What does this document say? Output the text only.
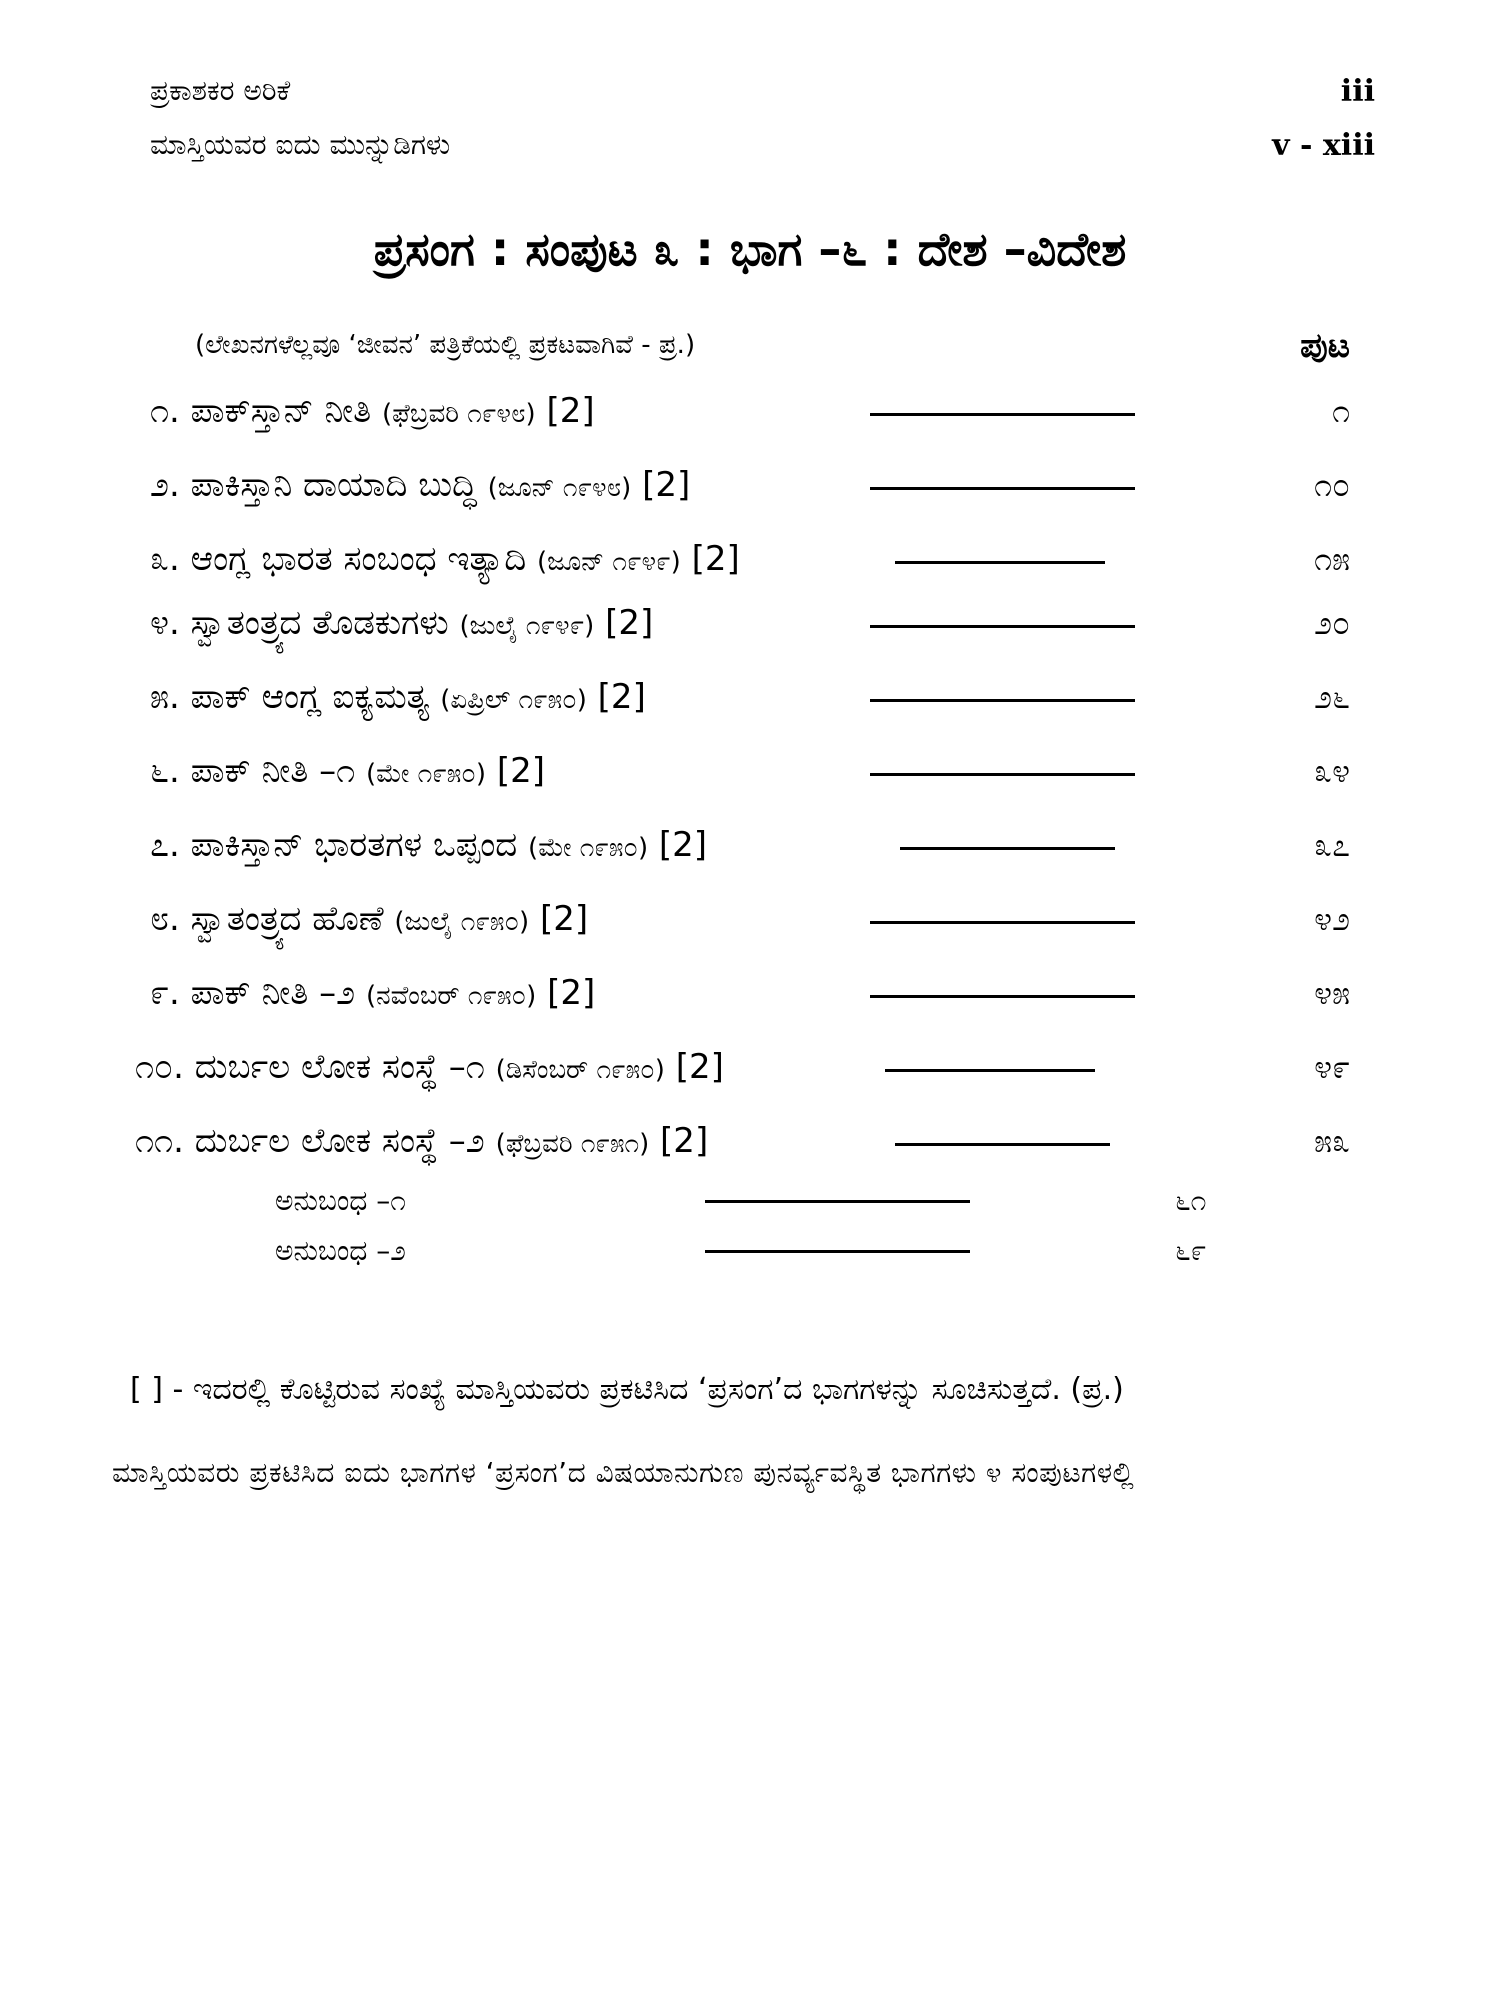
ಪ್ರಕಾಶಕರ ಅರಿಕೆ	iii
ಮಾಸ್ತಿಯವರ ಐದು ಮುನ್ನುಡಿಗಳು	v - xiii
ಪ್ರಸಂಗ : ಸಂಪುಟ ೩ : ಭಾಗ –೬ : ದೇಶ –ವಿದೇಶ
(ಲೇಖನಗಳೆಲ್ಲವೂ ‘ಜೀವನ’ ಪತ್ರಿಕೆಯಲ್ಲಿ ಪ್ರಕಟವಾಗಿವೆ - ಪ್ರ.)	ಪುಟ
೧. ಪಾಕ್‌ಸ್ತಾನ್ ನೀತಿ (ಫೆಬ್ರವರಿ ೧೯೪೮) [2]	೧
೨. ಪಾಕಿಸ್ತಾನಿ ದಾಯಾದಿ ಬುದ್ಧಿ (ಜೂನ್ ೧೯೪೮) [2]	೧೦
೩. ಆಂಗ್ಲ ಭಾರತ ಸಂಬಂಧ ಇತ್ಯಾದಿ (ಜೂನ್ ೧೯೪೯) [2]	೧೫
೪. ಸ್ವಾತಂತ್ರ್ಯದ ತೊಡಕುಗಳು (ಜುಲೈ ೧೯೪೯) [2]	೨೦
೫. ಪಾಕ್ ಆಂಗ್ಲ ಐಕ್ಯಮತ್ಯ (ಏಪ್ರಿಲ್ ೧೯೫೦) [2]	೨೬
೬. ಪಾಕ್ ನೀತಿ –೧ (ಮೇ ೧೯೫೦) [2]	೩೪
೭. ಪಾಕಿಸ್ತಾನ್ ಭಾರತಗಳ ಒಪ್ಪಂದ (ಮೇ ೧೯೫೦) [2]	೩೭
೮. ಸ್ವಾತಂತ್ರ್ಯದ ಹೊಣೆ (ಜುಲೈ ೧೯೫೦) [2]	೪೨
೯. ಪಾಕ್ ನೀತಿ –೨ (ನವೆಂಬರ್ ೧೯೫೦) [2]	೪೫
೧೦. ದುರ್ಬಲ ಲೋಕ ಸಂಸ್ಥೆ –೧ (ಡಿಸೆಂಬರ್ ೧೯೫೦) [2]	೪೯
೧೧. ದುರ್ಬಲ ಲೋಕ ಸಂಸ್ಥೆ –೨ (ಫೆಬ್ರವರಿ ೧೯೫೧) [2]	೫೩
ಅನುಬಂಧ –೧	೬೧
ಅನುಬಂಧ –೨	೬೯
[ ] - ಇದರಲ್ಲಿ ಕೊಟ್ಟಿರುವ ಸಂಖ್ಯೆ ಮಾಸ್ತಿಯವರು ಪ್ರಕಟಿಸಿದ ‘ಪ್ರಸಂಗ’ದ ಭಾಗಗಳನ್ನು ಸೂಚಿಸುತ್ತದೆ. (ಪ್ರ.)
ಮಾಸ್ತಿಯವರು ಪ್ರಕಟಿಸಿದ ಐದು ಭಾಗಗಳ ‘ಪ್ರಸಂಗ’ದ ವಿಷಯಾನುಗುಣ ಪುನರ್ವ್ಯವಸ್ಥಿತ ಭಾಗಗಳು ೪ ಸಂಪುಟಗಳಲ್ಲಿ
